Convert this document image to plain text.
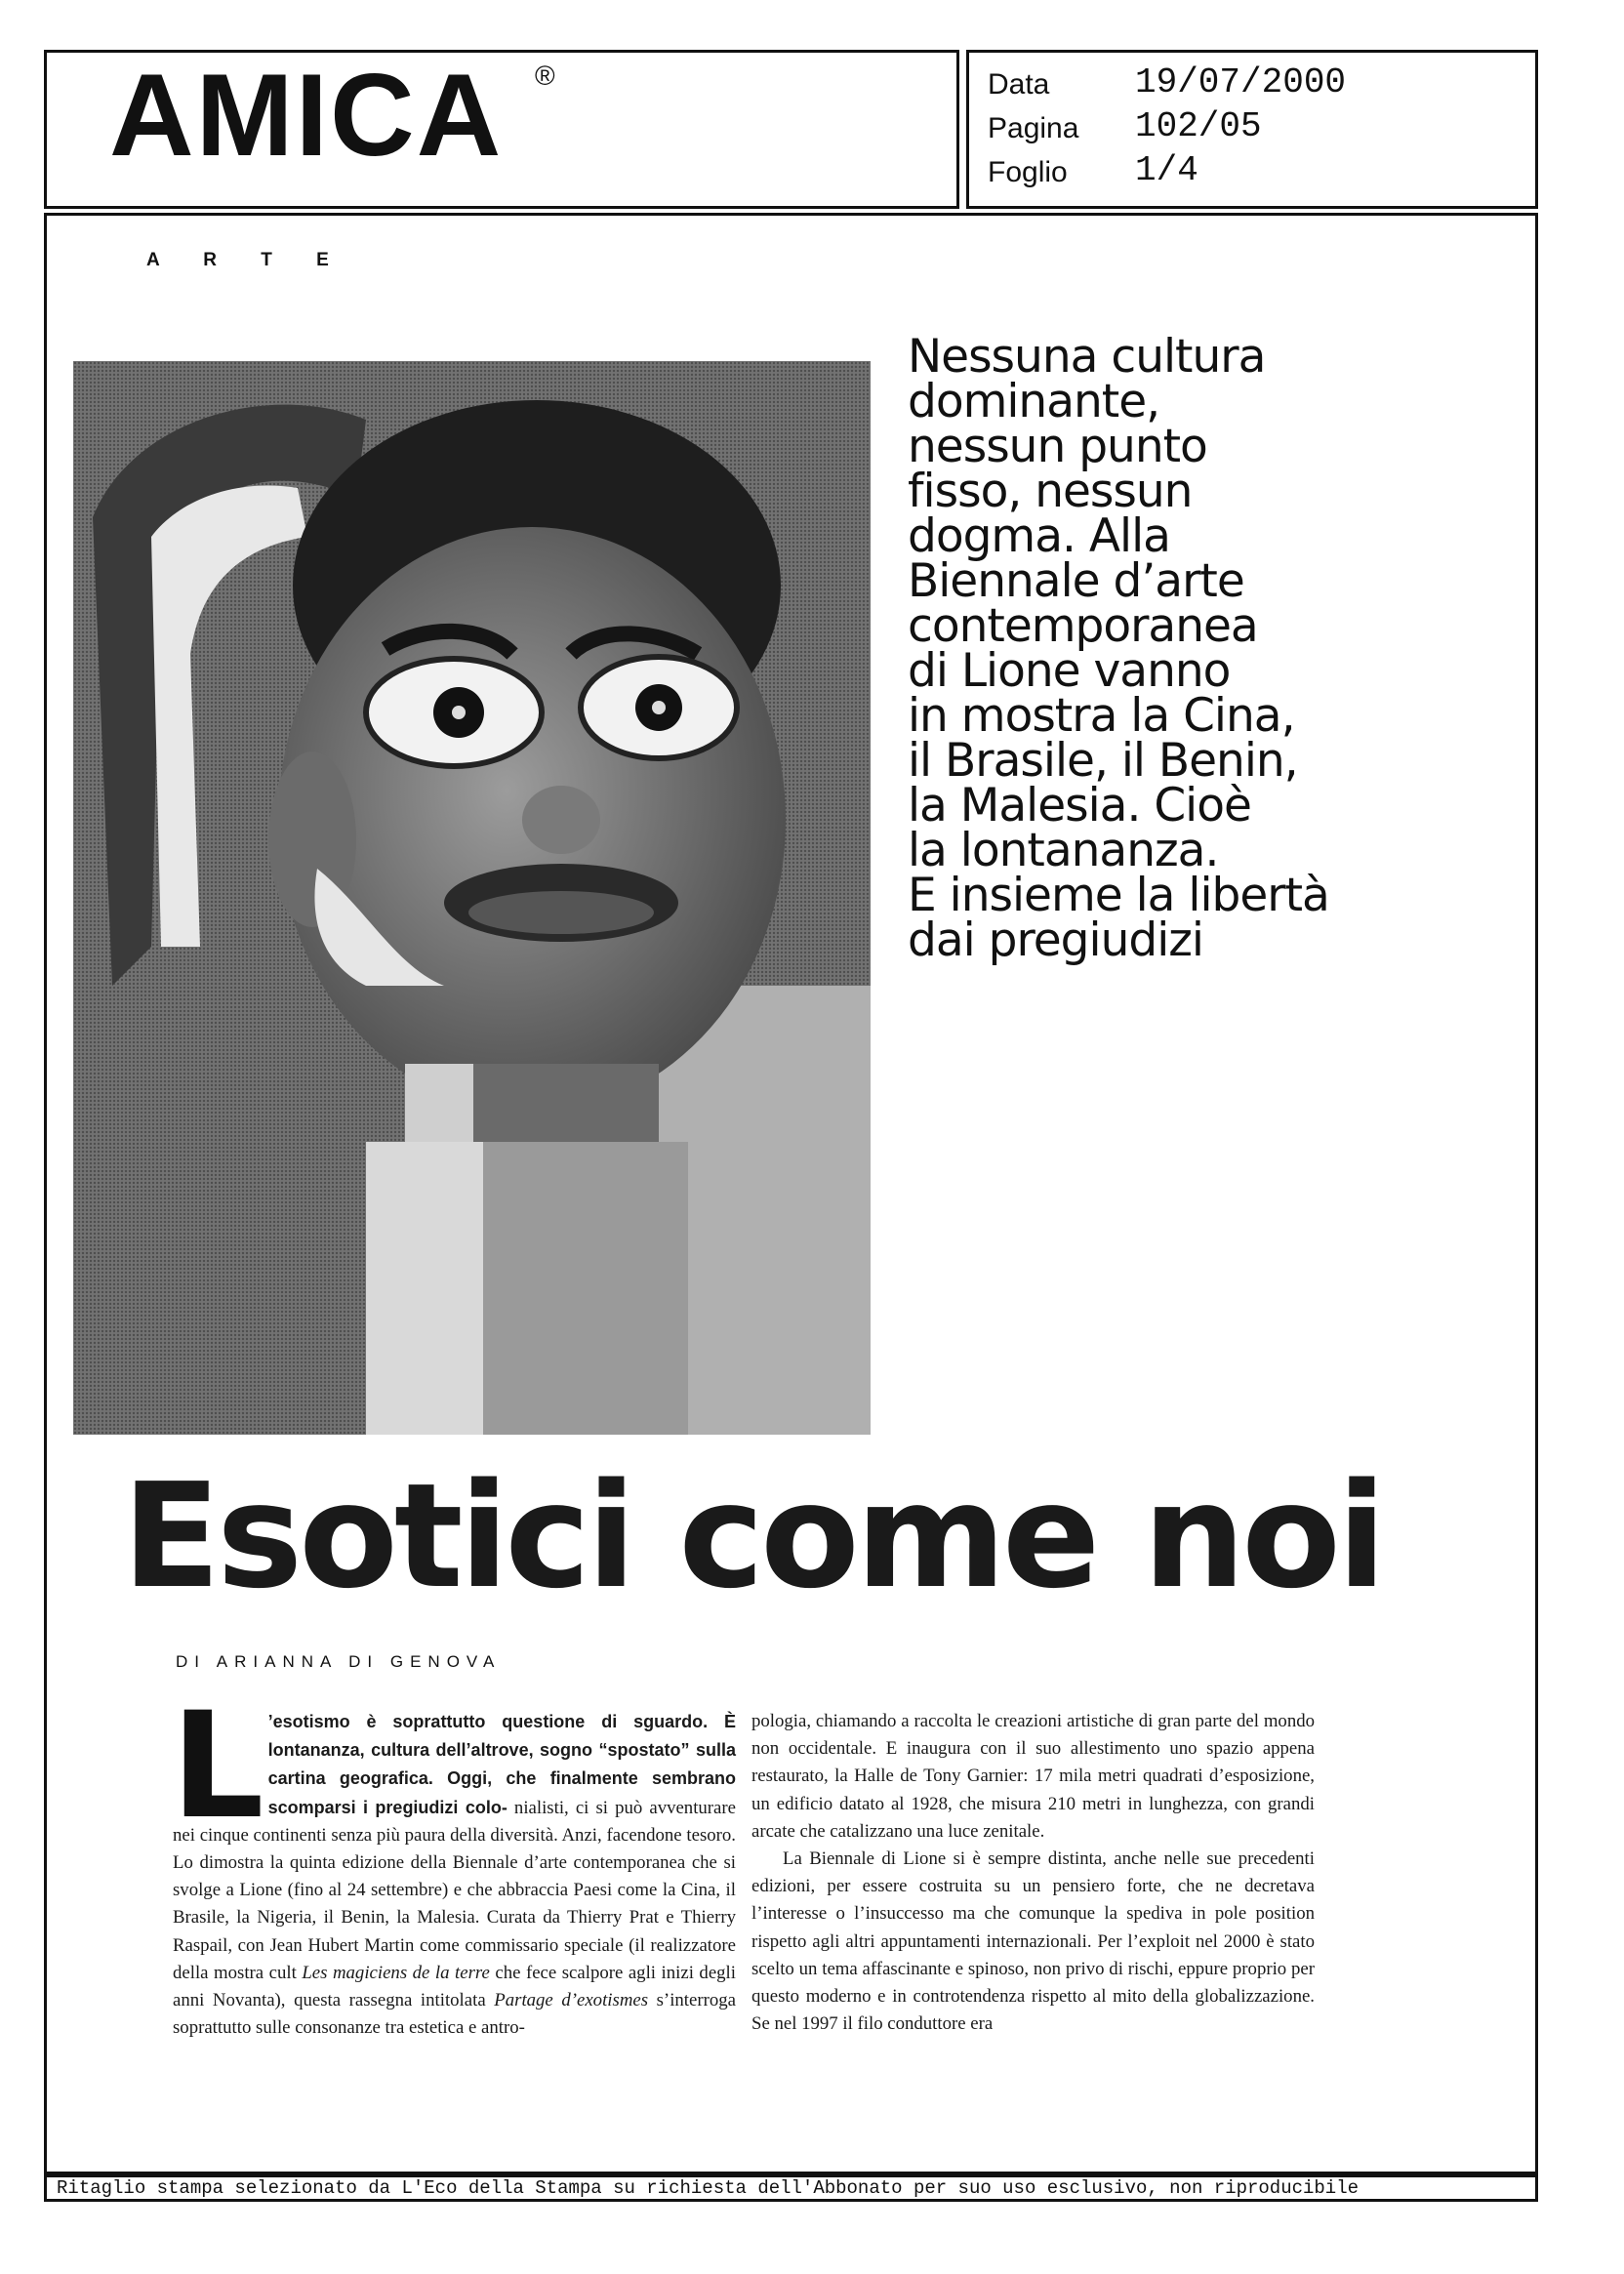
AMICA ®	Data 19/07/2000
Pagina 102/05
Foglio 1/4
A R T E
Nessuna cultura
dominante,
nessun punto
fisso, nessun
dogma. Alla
Biennale d’arte
contemporanea
di Lione vanno
in mostra la Cina,
il Brasile, il Benin,
la Malesia. Cioè
la lontananza.
E insieme la libertà
dai pregiudizi
Esotici come noi
DI ARIANNA DI GENOVA

L ’esotismo è soprattutto questione di sguardo. È lontananza, cultura dell’altrove, sogno “spostato” sulla cartina geografica. Oggi, che finalmente sembrano scomparsi i pregiudizi colo- nialisti, ci si può avventurare nei cinque continenti senza più paura della diversità. Anzi, facendone tesoro. Lo dimostra la quinta edizione della Biennale d’arte contemporanea che si svolge a Lione (fino al 24 settembre) e che abbraccia Paesi come la Cina, il Brasile, la Nigeria, il Benin, la Malesia. Curata da Thierry Prat e Thierry Raspail, con Jean Hubert Martin come commissario speciale (il realizzatore della mostra cult Les magiciens de la terre che fece scalpore agli inizi degli anni Novanta), questa rassegna intitolata Partage d’exotismes s’interroga soprattutto sulle consonanze tra estetica e antro-

pologia, chiamando a raccolta le creazioni artistiche di gran parte del mondo non occidentale. E inaugura con il suo allestimento uno spazio appena restaurato, la Halle de Tony Garnier: 17 mila metri quadrati d’esposizione, un edificio datato al 1928, che misura 210 metri in lunghezza, con grandi arcate che catalizzano una luce zenitale.

La Biennale di Lione si è sempre distinta, anche nelle sue precedenti edizioni, per essere costruita su un pensiero forte, che ne decretava l’interesse o l’insuccesso ma che comunque la spediva in pole position rispetto agli altri appuntamenti internazionali. Per l’exploit nel 2000 è stato scelto un tema affascinante e spinoso, non privo di rischi, eppure proprio per questo moderno e in controtendenza rispetto al mito della globalizzazione. Se nel 1997 il filo conduttore era

Ritaglio stampa selezionato da L'Eco della Stampa su richiesta dell'Abbonato per suo uso esclusivo, non riproducibile
